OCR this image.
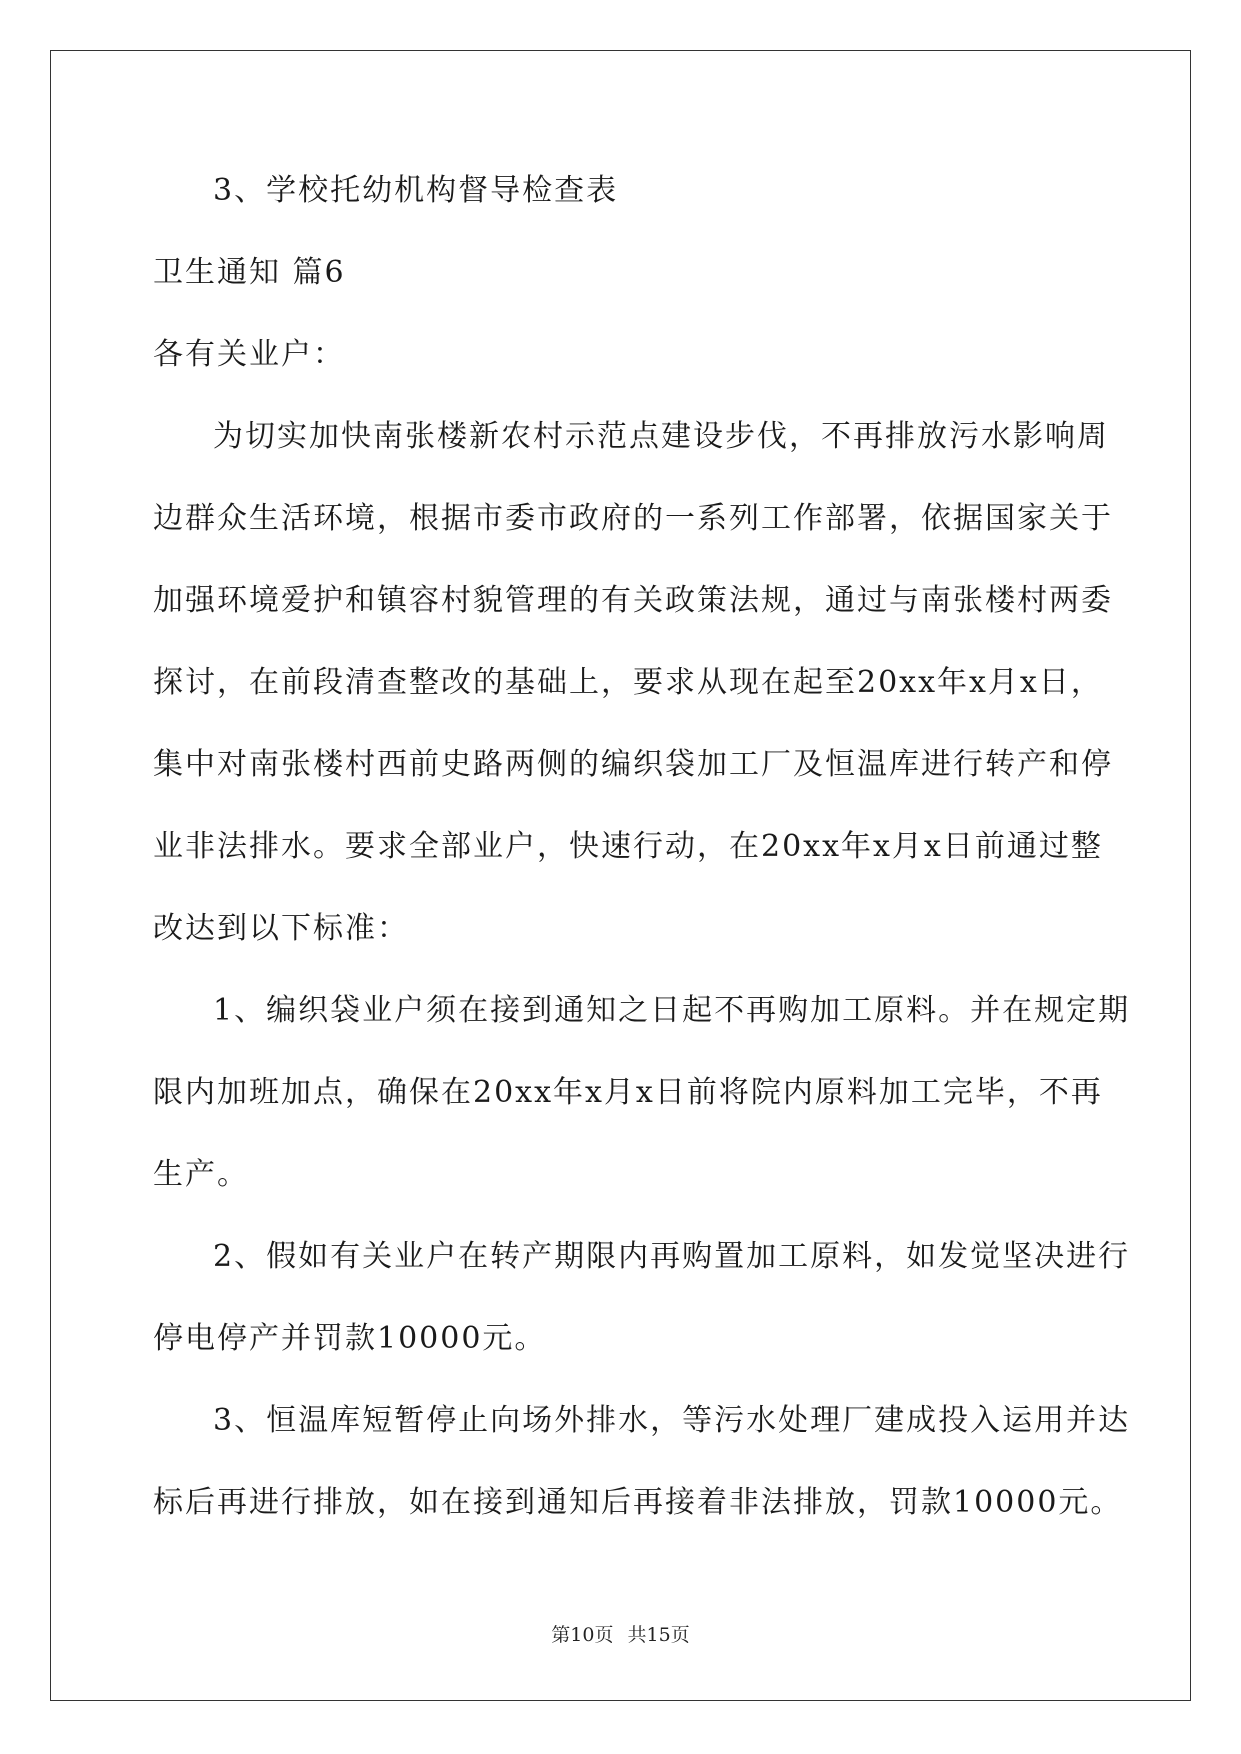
3、学校托幼机构督导检查表
卫生通知 篇6
各有关业户：
为切实加快南张楼新农村示范点建设步伐，不再排放污水影响周
边群众生活环境，根据市委市政府的一系列工作部署，依据国家关于
加强环境爱护和镇容村貌管理的有关政策法规，通过与南张楼村两委
探讨，在前段清查整改的基础上，要求从现在起至20xx年x月x日，
集中对南张楼村西前史路两侧的编织袋加工厂及恒温库进行转产和停
业非法排水。要求全部业户，快速行动，在20xx年x月x日前通过整
改达到以下标准：
1、编织袋业户须在接到通知之日起不再购加工原料。并在规定期
限内加班加点，确保在20xx年x月x日前将院内原料加工完毕，不再
生产。
2、假如有关业户在转产期限内再购置加工原料，如发觉坚决进行
停电停产并罚款10000元。
3、恒温库短暂停止向场外排水，等污水处理厂建成投入运用并达
标后再进行排放，如在接到通知后再接着非法排放，罚款10000元。
第10页 共15页
